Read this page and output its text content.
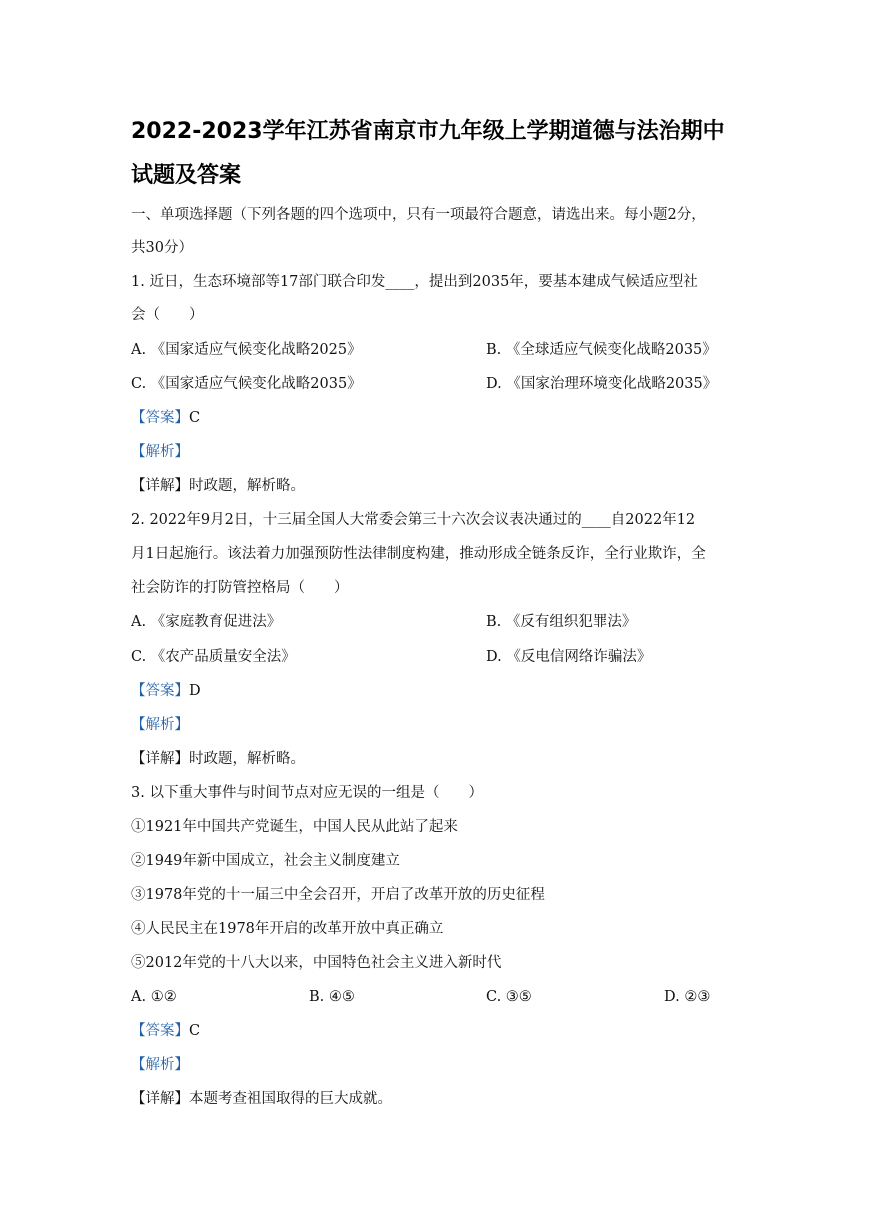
2022-2023学年江苏省南京市九年级上学期道德与法治期中
试题及答案
一、单项选择题（下列各题的四个选项中，只有一项最符合题意，请选出来。每小题2分，
共30分）
1. 近日，生态环境部等17部门联合印发____，提出到2035年，要基本建成气候适应型社
会（　　）
A. 《国家适应气候变化战略2025》	B. 《全球适应气候变化战略2035》
C. 《国家适应气候变化战略2035》	D. 《国家治理环境变化战略2035》
【答案】C
【解析】
【详解】时政题，解析略。
2. 2022年9月2日，十三届全国人大常委会第三十六次会议表决通过的____自2022年12
月1日起施行。该法着力加强预防性法律制度构建，推动形成全链条反诈，全行业欺诈，全
社会防诈的打防管控格局（　　）
A. 《家庭教育促进法》	B. 《反有组织犯罪法》
C. 《农产品质量安全法》	D. 《反电信网络诈骗法》
【答案】D
【解析】
【详解】时政题，解析略。
3. 以下重大事件与时间节点对应无误的一组是（　　）
①1921年中国共产党诞生，中国人民从此站了起来
②1949年新中国成立，社会主义制度建立
③1978年党的十一届三中全会召开，开启了改革开放的历史征程
④人民民主在1978年开启的改革开放中真正确立
⑤2012年党的十八大以来，中国特色社会主义进入新时代
A. ①②	B. ④⑤	C. ③⑤	D. ②③
【答案】C
【解析】
【详解】本题考查祖国取得的巨大成就。
